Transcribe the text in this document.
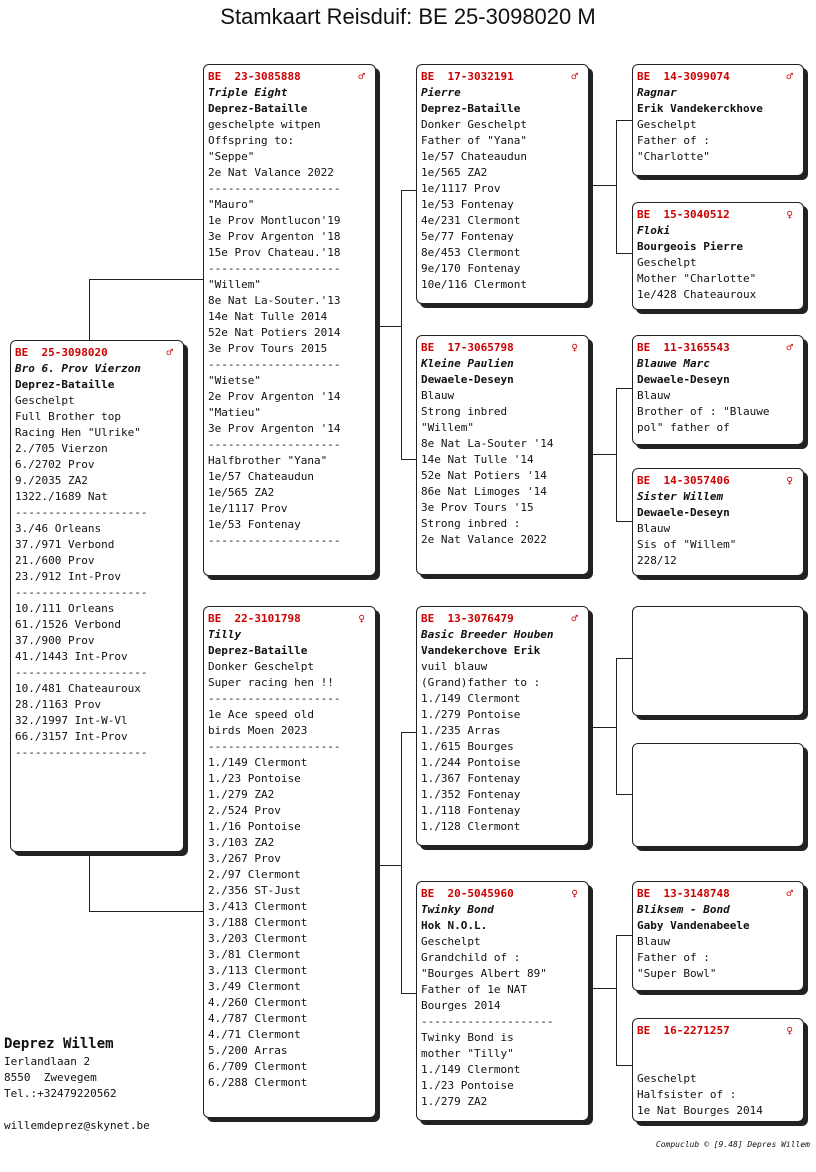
Stamkaart Reisduif: BE 25-3098020 M
BE  25-3098020	♂
Bro 6. Prov Vierzon
Deprez-Bataille
Geschelpt
Full Brother top
Racing Hen "Ulrike"
2./705 Vierzon
6./2702 Prov
9./2035 ZA2
1322./1689 Nat
--------------------
3./46 Orleans
37./971 Verbond
21./600 Prov
23./912 Int-Prov
--------------------
10./111 Orleans
61./1526 Verbond
37./900 Prov
41./1443 Int-Prov
--------------------
10./481 Chateauroux
28./1163 Prov
32./1997 Int-W-Vl
66./3157 Int-Prov
--------------------
BE  23-3085888	♂
Triple Eight
Deprez-Bataille
geschelpte witpen
Offspring to:
"Seppe"
2e Nat Valance 2022
--------------------
"Mauro"
1e Prov Montlucon'19
3e Prov Argenton '18
15e Prov Chateau.'18
--------------------
"Willem"
8e Nat La-Souter.'13
14e Nat Tulle 2014
52e Nat Potiers 2014
3e Prov Tours 2015
--------------------
"Wietse"
2e Prov Argenton '14
"Matieu"
3e Prov Argenton '14
--------------------
Halfbrother "Yana"
1e/57 Chateaudun
1e/565 ZA2
1e/1117 Prov
1e/53 Fontenay
--------------------
BE  22-3101798	♀
Tilly
Deprez-Bataille
Donker Geschelpt
Super racing hen !!
--------------------
1e Ace speed old
birds Moen 2023
--------------------
1./149 Clermont
1./23 Pontoise
1./279 ZA2
2./524 Prov
1./16 Pontoise
3./103 ZA2
3./267 Prov
2./97 Clermont
2./356 ST-Just
3./413 Clermont
3./188 Clermont
3./203 Clermont
3./81 Clermont
3./113 Clermont
3./49 Clermont
4./260 Clermont
4./787 Clermont
4./71 Clermont
5./200 Arras
6./709 Clermont
6./288 Clermont
BE  17-3032191	♂
Pierre
Deprez-Bataille
Donker Geschelpt
Father of "Yana"
1e/57 Chateaudun
1e/565 ZA2
1e/1117 Prov
1e/53 Fontenay
4e/231 Clermont
5e/77 Fontenay
8e/453 Clermont
9e/170 Fontenay
10e/116 Clermont
BE  17-3065798	♀
Kleine Paulien
Dewaele-Deseyn
Blauw
Strong inbred
"Willem"
8e Nat La-Souter '14
14e Nat Tulle '14
52e Nat Potiers '14
86e Nat Limoges '14
3e Prov Tours '15
Strong inbred :
2e Nat Valance 2022
BE  13-3076479	♂
Basic Breeder Houben
Vandekerchove Erik
vuil blauw
(Grand)father to :
1./149 Clermont
1./279 Pontoise
1./235 Arras
1./615 Bourges
1./244 Pontoise
1./367 Fontenay
1./352 Fontenay
1./118 Fontenay
1./128 Clermont
BE  20-5045960	♀
Twinky Bond
Hok N.O.L.
Geschelpt
Grandchild of :
"Bourges Albert 89"
Father of 1e NAT
Bourges 2014
--------------------
Twinky Bond is
mother "Tilly"
1./149 Clermont
1./23 Pontoise
1./279 ZA2
BE  14-3099074	♂
Ragnar
Erik Vandekerckhove
Geschelpt
Father of :
"Charlotte"
BE  15-3040512	♀
Floki
Bourgeois Pierre
Geschelpt
Mother "Charlotte"
1e/428 Chateauroux
BE  11-3165543	♂
Blauwe Marc
Dewaele-Deseyn
Blauw
Brother of : "Blauwe
pol" father of
BE  14-3057406	♀
Sister Willem
Dewaele-Deseyn
Blauw
Sis of "Willem"
228/12
BE  13-3148748	♂
Bliksem - Bond
Gaby Vandenabeele
Blauw
Father of :
"Super Bowl"
BE  16-2271257	♀
Geschelpt
Halfsister of :
1e Nat Bourges 2014
Deprez Willem
Ierlandlaan 2
8550  Zwevegem
Tel.:+32479220562
willemdeprez@skynet.be
Compuclub © [9.48] Depres Willem
